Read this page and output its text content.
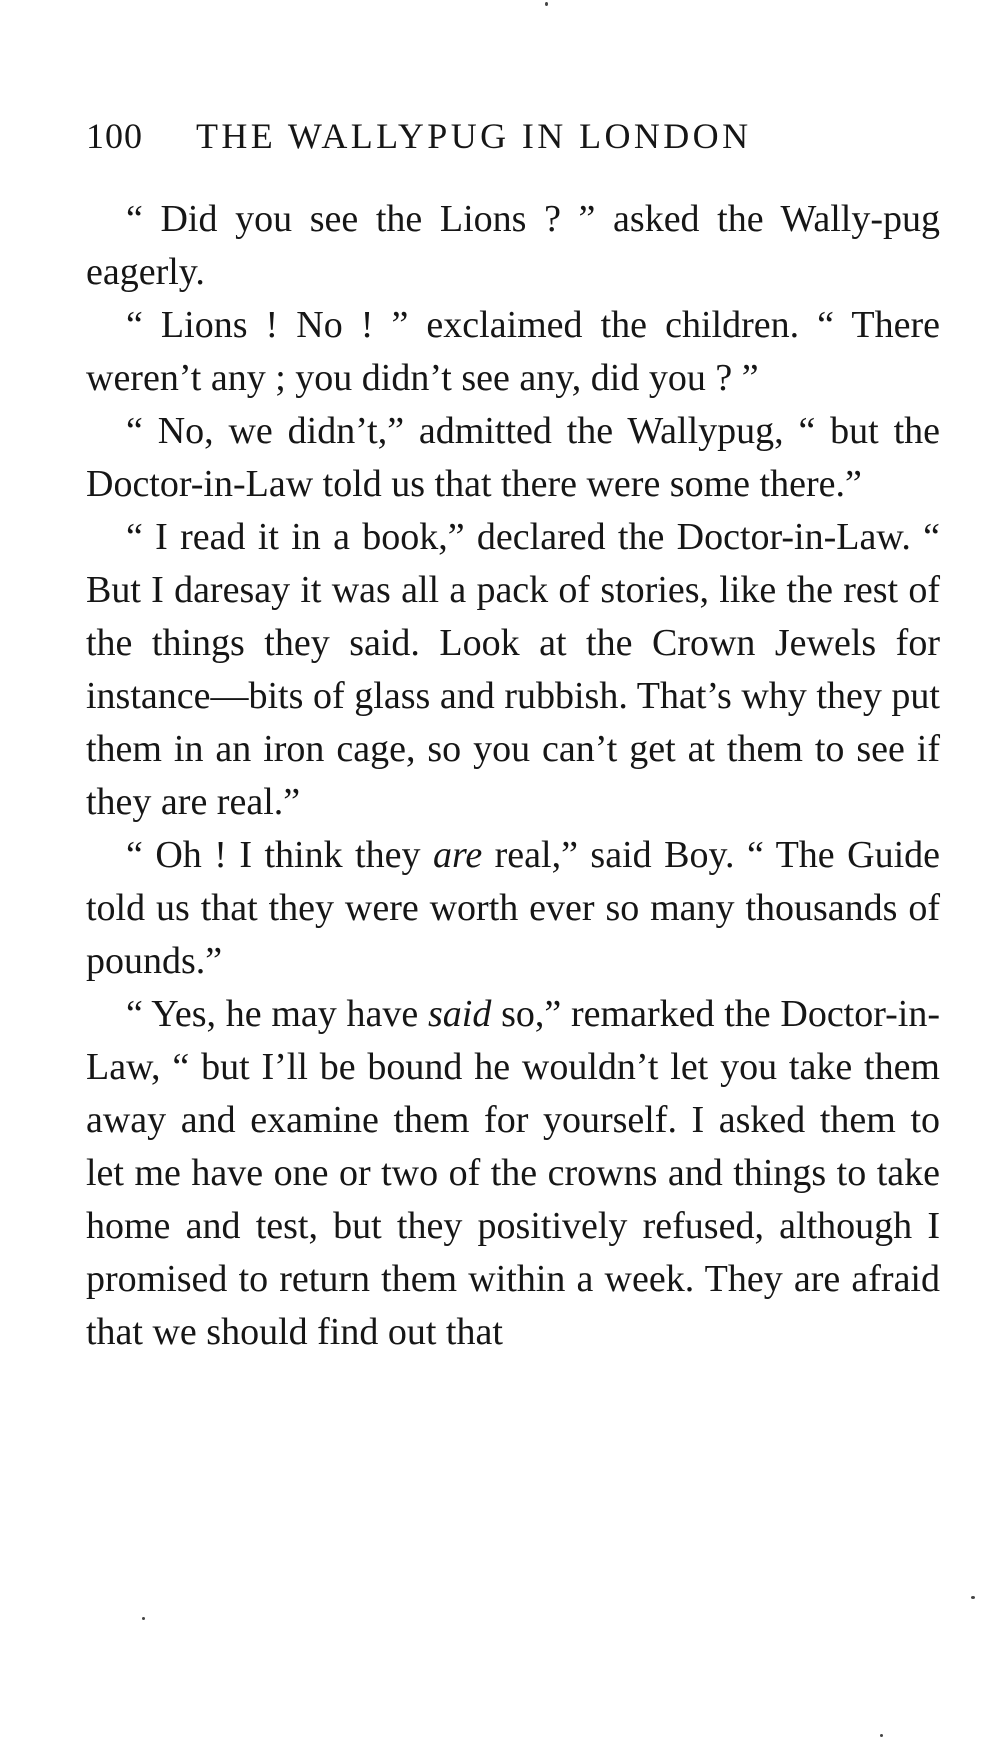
100 THE WALLYPUG IN LONDON

“ Did you see the Lions ? ” asked the Wally-pug eagerly.

“ Lions ! No ! ” exclaimed the children. “ There weren’t any ; you didn’t see any, did you ? ”

“ No, we didn’t,” admitted the Wallypug, “ but the Doctor-in-Law told us that there were some there.”

“ I read it in a book,” declared the Doctor-in-Law. “ But I daresay it was all a pack of stories, like the rest of the things they said. Look at the Crown Jewels for instance—bits of glass and rubbish. That’s why they put them in an iron cage, so you can’t get at them to see if they are real.”

“ Oh ! I think they are real,” said Boy. “ The Guide told us that they were worth ever so many thousands of pounds.”

“ Yes, he may have said so,” remarked the Doctor-in-Law, “ but I’ll be bound he wouldn’t let you take them away and examine them for yourself. I asked them to let me have one or two of the crowns and things to take home and test, but they positively refused, although I promised to return them within a week. They are afraid that we should find out that
